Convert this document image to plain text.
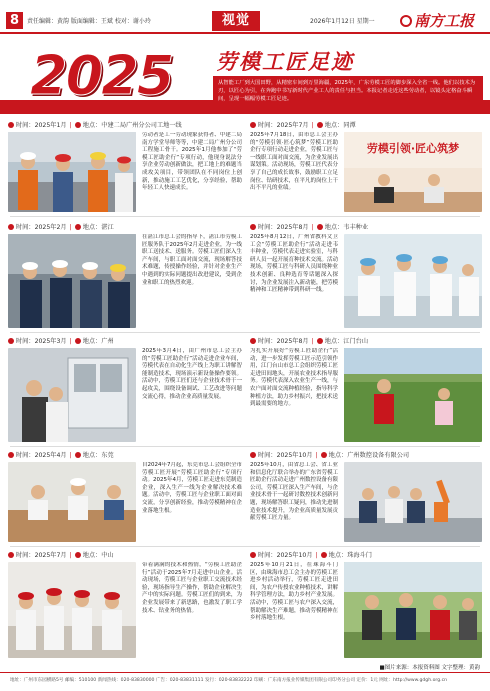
8	责任编辑：黄韵 版面编辑：王斌 校对：谢小玲	视觉	2026年1月12日 星期一	南方工报
2025 劳模工匠足迹
从智能工厂到大国田野，从精密车间到万里海疆，2025年，广东劳模工匠的脚步深入全省一线。他们以技术为刃，以匠心为引，在奔跑中书写新时代产业工人的责任与担当。本报记者走近这些劳动者，以镜头定格奋斗瞬间，呈现一幅幅劳模工匠足迹。
时间：2025年1月 | 地点：中建二局广州分公司工地一线
劳动者是工一劳动现象获得者、中建二局南方学堂导师等等，中建二局广州分公司工程施工骨干。2025年1月他参加了“劳模工匠助企行”专项行动，他现身说法分享企业劳动创新做法，把工地上的难题当成攻关项目，带领团队在不同岗位上创新，推动施工工艺优化，分享经验，帮助年轻工人快速成长。
时间：2025年7月 | 地点：同潭
2025年7月18日，由市总工会主办的“劳模引领·匠心筑梦”劳模工匠助企行专项行动走进企业，劳模工匠与一线职工面对面交流，为企业发展出谋划策。活动现场，劳模工匠代表分享了自己的成长故事，鼓励职工立足岗位、钻研技术，在平凡的岗位上干出不平凡的业绩。
劳模引领·匠心筑梦
时间：2025年2月 | 地点：湛江
在湛江市总工会的指导下，湛江市劳模工匠服务队于2025年2月走进企业，为一线职工送技术、送服务。劳模工匠们深入生产车间，与职工面对面交流，现场解答技术难题，传授操作经验，并针对企业生产中遇到的实际问题提出改进建议，受到企业和职工的热烈欢迎。
时间：2025年8月 | 地点：韦丰种业
2025年8月12日，广州省教科文卫工会“劳模工匠助企行”活动走进韦丰种业，劳模代表走进实验室，与科研人员一起开展育种技术交流。活动现场，劳模工匠与科研人员围绕种业技术创新、良种选育等话题深入探讨，为企业发展注入新动能，把劳模精神和工匠精神带到科研一线。
时间：2025年3月 | 地点：广州
2025年3月4日，由广州市总工会主办的“劳模工匠助企行”活动走进企业车间，劳模代表在自动化生产线上为职工讲解智能制造技术，现场演示新设备操作要领。活动中，劳模工匠们还与企业技术骨干一起攻关，围绕设备调试、工艺改进等问题交流心得，推动企业高质量发展。
时间：2025年8月 | 地点：江门台山
为扎实开展好“劳模工匠助企行”活动，进一步发挥劳模工匠示范引领作用，江门台山市总工会组织劳模工匠走进田间地头，开展农业技术指导服务。劳模代表深入农业生产一线，与农户面对面交流种植经验，指导科学种植方法，助力乡村振兴，把技术送到最需要的地方。
时间：2025年4月 | 地点：东莞
自2024年7月起，东莞市总工会组织全市劳模工匠开展“劳模工匠助企行”专项行动。2025年4月，劳模工匠走进东莞制造企业，深入生产一线为企业解决技术难题。活动中，劳模工匠与企业职工面对面交流，分享创新经验，推动劳模精神在企业落地生根。
时间：2025年10月 | 地点：广州数控设备有限公司
2025年10月，由省总工会、省工业和信息化厅联合举办的广东省劳模工匠助企行活动走进广州数控设备有限公司，劳模工匠深入生产车间，与企业技术骨干一起研讨数控技术创新问题，现场解答职工疑问，推动先进制造业技术提升，为企业高质量发展贡献劳模工匠力量。
时间：2025年7月 | 地点：中山
带着满满的技术和热情，“劳模工匠助企行”活动于2025年7月走进中山企业。活动现场，劳模工匠与企业职工交流技术经验，现场指导生产操作，帮助企业解决生产中的实际问题。劳模工匠们的到来，为企业发展带来了新思路，也激发了职工学技术、钻业务的热情。
时间：2025年10月 | 地点：珠海斗门
2025年10月21日，在珠海斗门区，由珠海市总工会主办的劳模工匠进乡村活动举行，劳模工匠走进田间，为农户传授农业种植技术，讲解科学管理方法，助力乡村产业发展。活动中，劳模工匠与农户深入交流，帮助解决生产难题，推动劳模精神在乡村落地生根。
■图片来源：本报资料图 文字整理：黄韵
地址：广州市东园横路5号 邮编：510100 新闻热线：020-83830000 广告：020-83831111 发行：020-83832222 印刷：广东南方报业传媒集团有限公司印务分公司 定价：1元 网址：http://www.gdgh.org.cn
